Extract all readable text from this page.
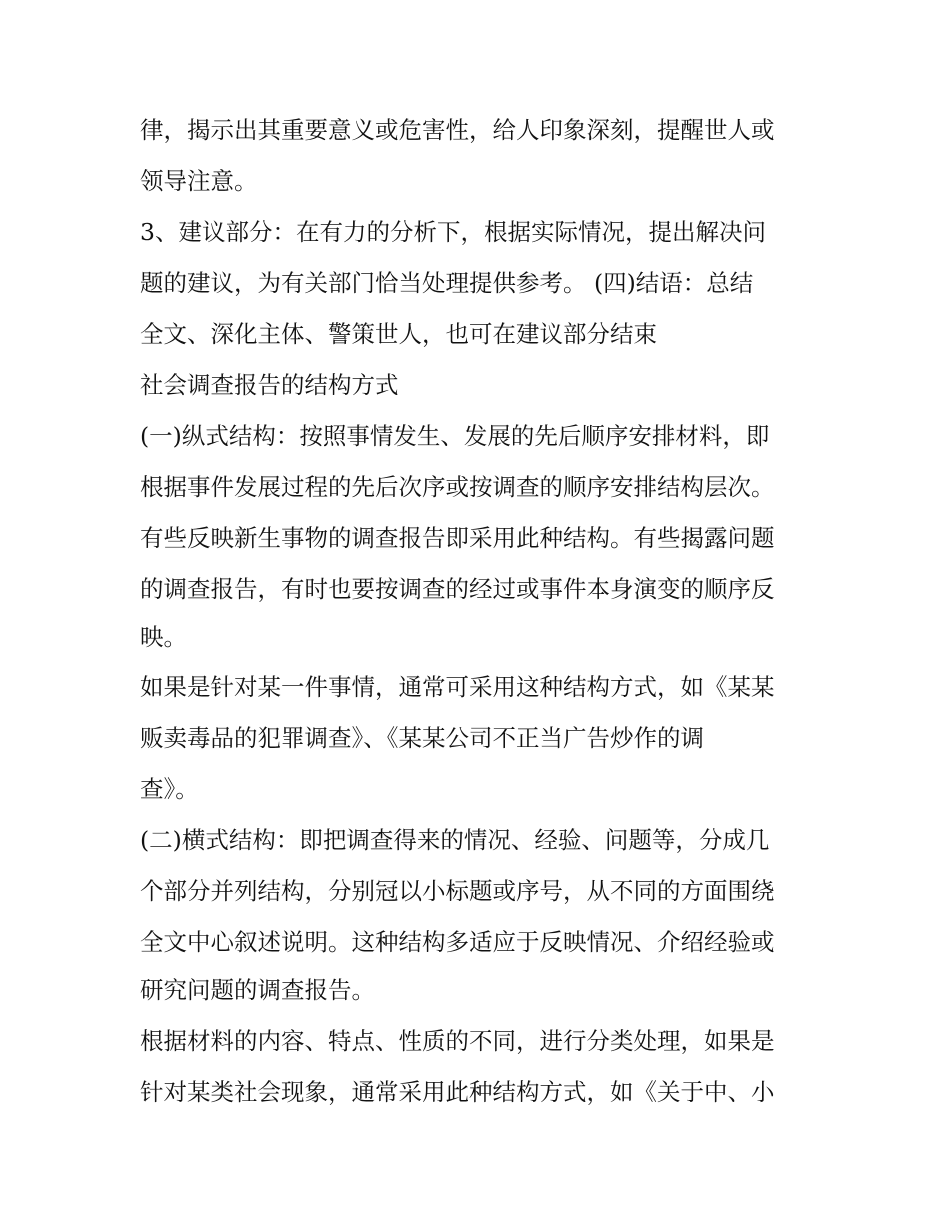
律，揭示出其重要意义或危害性，给人印象深刻，提醒世人或
领导注意。
3、建议部分：在有力的分析下，根据实际情况，提出解决问
题的建议，为有关部门恰当处理提供参考。 (四)结语：总结
全文、深化主体、警策世人，也可在建议部分结束
社会调查报告的结构方式
(一)纵式结构：按照事情发生、发展的先后顺序安排材料，即
根据事件发展过程的先后次序或按调查的顺序安排结构层次。
有些反映新生事物的调查报告即采用此种结构。有些揭露问题
的调查报告，有时也要按调查的经过或事件本身演变的顺序反
映。
如果是针对某一件事情，通常可采用这种结构方式，如《某某
贩卖毒品的犯罪调查》、《某某公司不正当广告炒作的调
查》。
(二)横式结构：即把调查得来的情况、经验、问题等，分成几
个部分并列结构，分别冠以小标题或序号，从不同的方面围绕
全文中心叙述说明。这种结构多适应于反映情况、介绍经验或
研究问题的调查报告。
根据材料的内容、特点、性质的不同，进行分类处理，如果是
针对某类社会现象，通常采用此种结构方式，如《关于中、小
